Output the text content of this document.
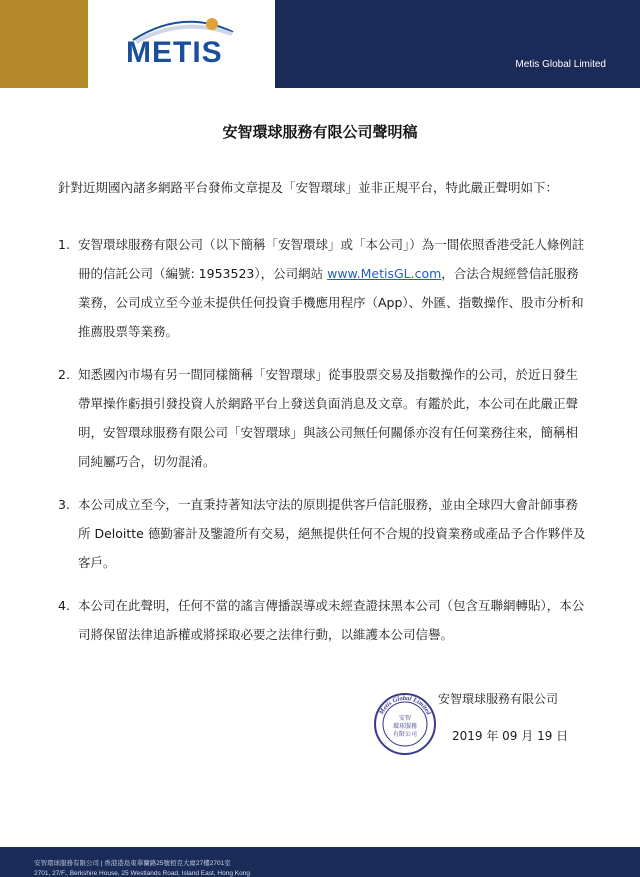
METIS	Metis Global Limited
安智環球服務有限公司聲明稿

針對近期國內諸多網路平台發佈文章提及「安智環球」並非正規平台，特此嚴正聲明如下：

1. 安智環球服務有限公司（以下簡稱「安智環球」或「本公司」）為一間依照香港受託人條例註冊的信託公司（編號: 1953523），公司網站 www.MetisGL.com，合法合規經營信託服務業務，公司成立至今並未提供任何投資手機應用程序（App）、外匯、指數操作、股市分析和推薦股票等業務。
2. 知悉國內市場有另一間同樣簡稱「安智環球」從事股票交易及指數操作的公司，於近日發生帶單操作虧損引發投資人於網路平台上發送負面消息及文章。有鑑於此，本公司在此嚴正聲明，安智環球服務有限公司「安智環球」與該公司無任何關係亦沒有任何業務往來，簡稱相同純屬巧合，切勿混淆。
3. 本公司成立至今，一直秉持著知法守法的原則提供客戶信託服務，並由全球四大會計師事務所 Deloitte 德勤審計及鑒證所有交易，絕無提供任何不合規的投資業務或產品予合作夥伴及客戶。
4. 本公司在此聲明，任何不當的謠言傳播誤導或未經查證抹黑本公司（包含互聯網轉貼），本公司將保留法律追訴權或將採取必要之法律行動，以維護本公司信譽。
Metis Global Limited
安智
環球服務
有限公司
安智環球服務有限公司
2019 年 09 月 19 日
安智環球服務有限公司 | 香港港島東華蘭路25號栢克大廈27樓2701室
2701, 27/F., Berkshire House, 25 Westlands Road, Island East, Hong Kong
